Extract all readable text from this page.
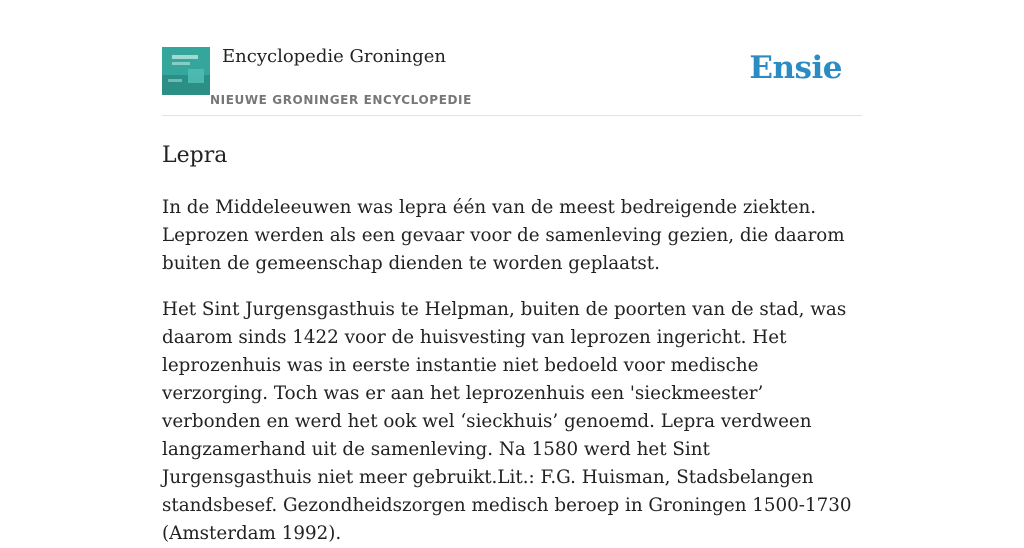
Encyclopedie Groningen
NIEUWE GRONINGER ENCYCLOPEDIE
Ensie
Lepra

In de Middeleeuwen was lepra één van de meest bedreigende ziekten. Leprozen werden als een gevaar voor de samenleving gezien, die daarom buiten de gemeenschap dienden te worden geplaatst.

Het Sint Jurgensgasthuis te Helpman, buiten de poorten van de stad, was daarom sinds 1422 voor de huisvesting van leprozen ingericht. Het leprozenhuis was in eerste instantie niet bedoeld voor medische verzorging. Toch was er aan het leprozenhuis een 'sieckmeester’ verbonden en werd het ook wel ‘sieckhuis’ genoemd. Lepra verdween langzamerhand uit de samenleving. Na 1580 werd het Sint Jurgensgasthuis niet meer gebruikt.Lit.: F.G. Huisman, Stadsbelangen standsbesef. Gezondheidszorgen medisch beroep in Groningen 1500-1730 (Amsterdam 1992).
